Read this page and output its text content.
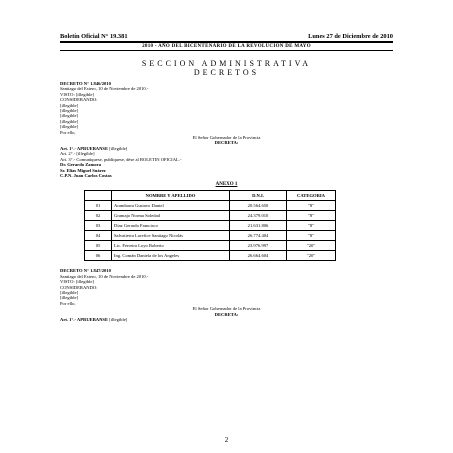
Boletín Oficial N° 19.381	Lunes 27 de Diciembre de 2010
2010 - AÑO DEL BICENTENARIO DE LA REVOLUCION DE MAYO
SECCION ADMINISTRATIVA
DECRETOS

DECRETO N° 1.846/2010

Santiago del Estero, 10 de Noviembre de 2010.-

VISTO: [illegible]

CONSIDERANDO:

[illegible]

[illegible]

[illegible]

[illegible]

[illegible]

Por ello,

El Señor Gobernador de la Provincia

DECRETA:

Art. 1°.- APRUEBANSE [illegible]

Art. 2°.- [illegible]

Art. 3°.- Comuníquese, publíquese, dése al BOLETIN OFICIAL.-

Dr. Gerardo Zamora

Sr. Elías Miguel Suárez

C.P.N. Juan Carlos Costas

ANEXO 1
	NOMBRE Y APELLIDO	D.N.I.	CATEGORIA
01	Arambarra Gustavo Daniel	20.564.650	"8"
02	Gramajo Norma Soledad	24.379.010	"8"
03	Diaz Gerardo Francisco	21.631.806	"8"
04	Salvatierra Lorefice Santiago Nicolás	26.774.404	"8"
05	Lic. Ferreira Loyo Roberto	23.976.997	"20"
06	Ing. Comán Daniela de los Angeles	26.664.604	"20"

DECRETO N° 1.847/2010

Santiago del Estero, 10 de Noviembre de 2010.-

VISTO: [illegible]

CONSIDERANDO:

[illegible]

[illegible]

Por ello,

El Señor Gobernador de la Provincia

DECRETA:

Art. 1°.- APRUEBANSE [illegible]

2
